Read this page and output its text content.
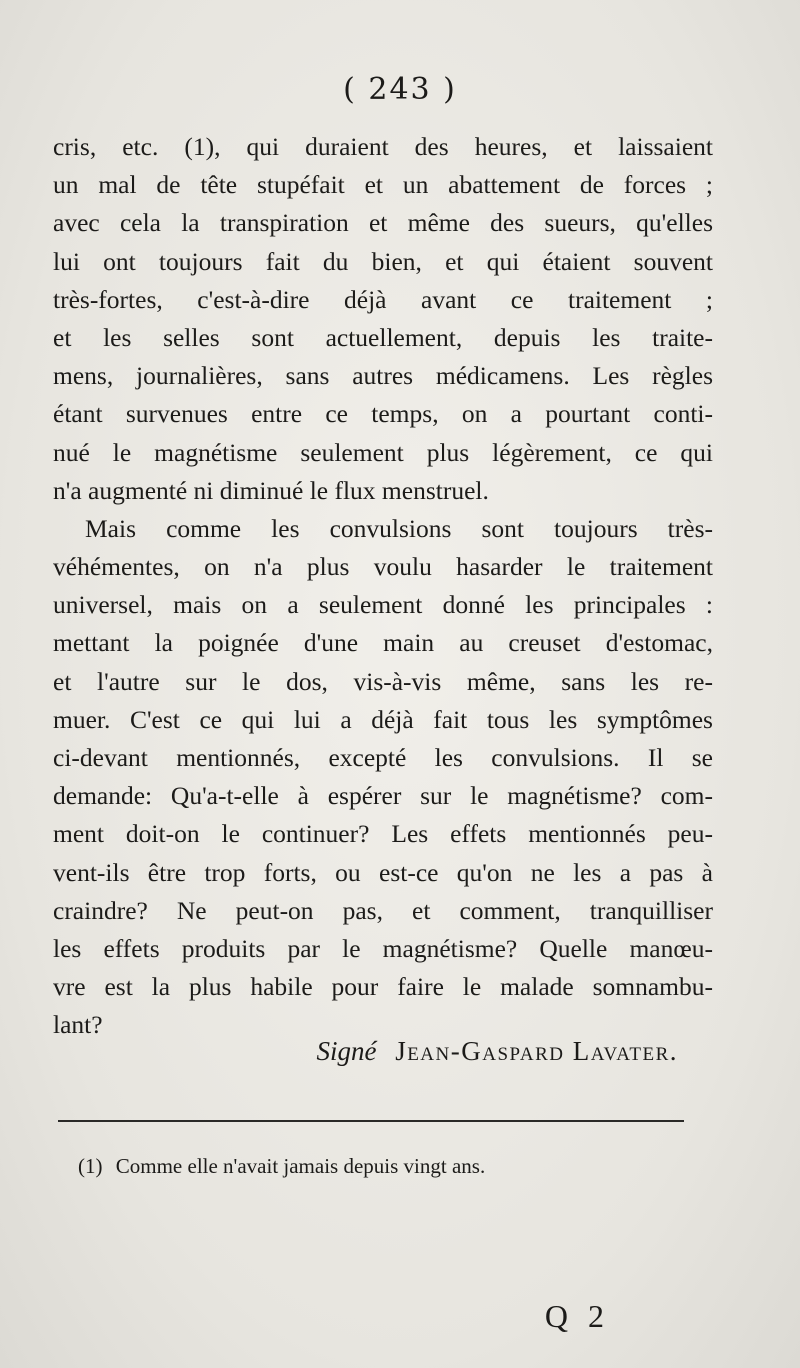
( 243 )
cris, etc. (1), qui duraient des heures, et laissaient
un mal de tête stupéfait et un abattement de forces ;
avec cela la transpiration et même des sueurs, qu'elles
lui ont toujours fait du bien, et qui étaient souvent
très-fortes, c'est-à-dire déjà avant ce traitement ;
et les selles sont actuellement, depuis les traite-
mens, journalières, sans autres médicamens. Les règles
étant survenues entre ce temps, on a pourtant conti-
nué le magnétisme seulement plus légèrement, ce qui
n'a augmenté ni diminué le flux menstruel.
Mais comme les convulsions sont toujours très-
véhémentes, on n'a plus voulu hasarder le traitement
universel, mais on a seulement donné les principales :
mettant la poignée d'une main au creuset d'estomac,
et l'autre sur le dos, vis-à-vis même, sans les re-
muer. C'est ce qui lui a déjà fait tous les symptômes
ci-devant mentionnés, excepté les convulsions. Il se
demande: Qu'a-t-elle à espérer sur le magnétisme? com-
ment doit-on le continuer? Les effets mentionnés peu-
vent-ils être trop forts, ou est-ce qu'on ne les a pas à
craindre? Ne peut-on pas, et comment, tranquilliser
les effets produits par le magnétisme? Quelle manœu-
vre est la plus habile pour faire le malade somnambu-
lant?
Signé Jean-Gaspard Lavater.
(1) Comme elle n'avait jamais depuis vingt ans.
Q 2
